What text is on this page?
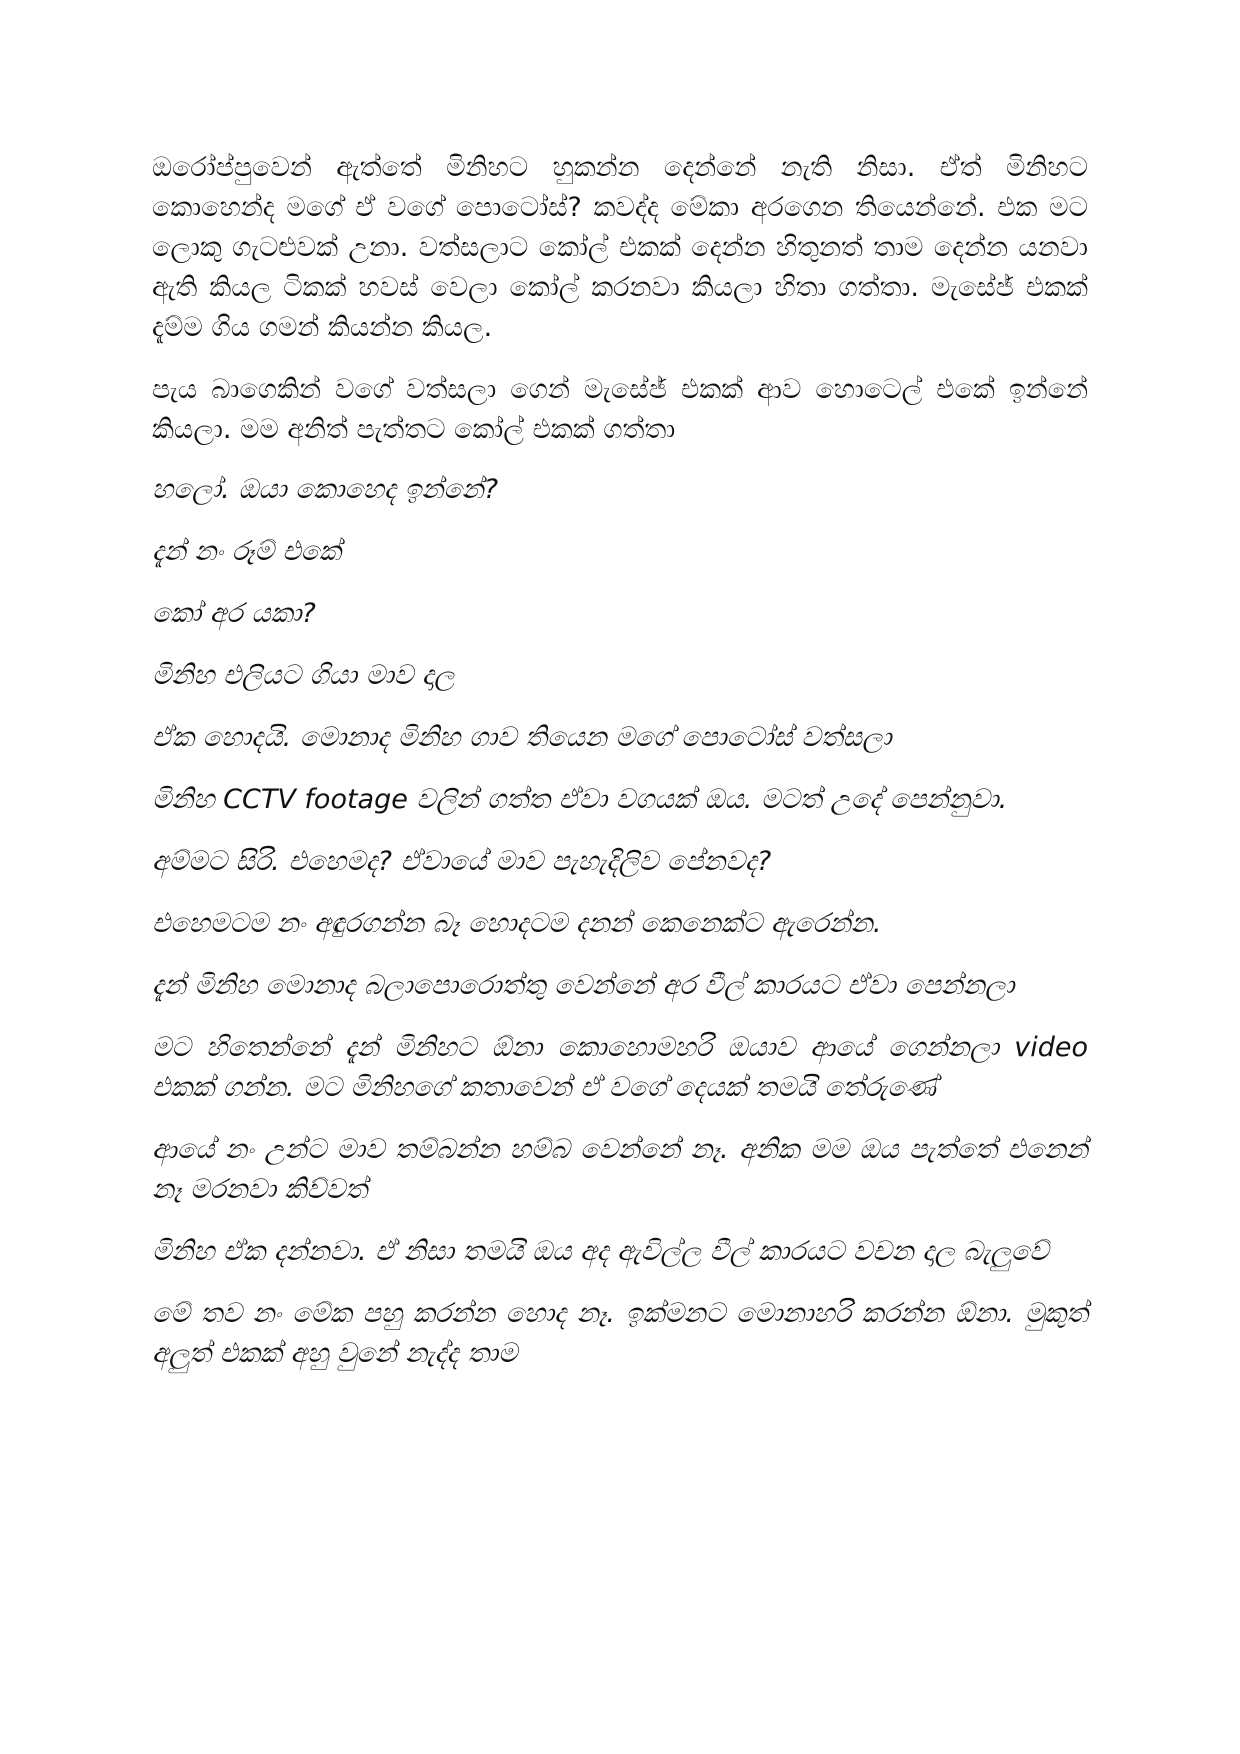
ඔරෝප්පුවෙන් ඇත්තේ මිනිහට හුකන්න දෙන්නේ නැති නිසා. ඒත් මිනිහට කොහෙන්ද මගේ ඒ වගේ පොටෝස්? කවද්ද මේකා අරගෙන තියෙන්නේ. එක මට ලොකු ගැටළුවක් උනා. වත්සලාට කෝල් එකක් දෙන්න හිතුනත් තාම දෙන්න යනවා ඇති කියල ටිකක් හවස් වෙලා කෝල් කරනවා කියලා හිතා ගත්තා. මැසේජ් එකක් දැම්ම ගිය ගමන් කියන්න කියල.

පැය බාගෙකින් වගේ වත්සලා ගෙන් මැසේජ් එකක් ආව හොටෙල් එකේ ඉන්නේ කියලා. මම අනිත් පැත්තට කෝල් එකක් ගත්තා

හලෝ. ඔයා කොහෙද ඉන්නේ?

දැන් නං රූම් එකේ

කෝ අර යකා?

මිනිහ එලියට ගියා මාව දාල

ඒක හොදයි. මොනාද මිනිහ ගාව තියෙන මගේ පොටෝස් වත්සලා

මිනිහ CCTV footage වලින් ගත්ත ඒවා වගයක් ඔය. මටත් උදේ පෙන්නුවා.

අම්මට සිරි. එහෙමද? ඒවායේ මාව පැහැදිලිව පේනවද?

එහෙමටම නං අඳුරගන්න බෑ හොදටම දනන් කෙනෙක්ට ඇරෙන්න.

දැන් මිනිහ මොනාද බලාපොරොත්තු වෙන්නේ අර වීල් කාරයට ඒවා පෙන්නලා

මට හිතෙන්නේ දැන් මිනිහට ඕනා කොහොමහරි ඔයාව ආයේ ගෙන්නලා video එකක් ගන්න. මට මිනිහගේ කතාවෙන් ඒ වගේ දෙයක් තමයි තේරුණේ

ආයේ නං උන්ට මාව තම්බන්න හම්බ වෙන්නේ නෑ. අනික මම ඔය පැත්තේ එනෙන් නෑ මරනවා කිව්වත්

මිනිහ ඒක දන්නවා. ඒ නිසා තමයි ඔය අද ඇවිල්ල වීල් කාරයට වචන දාල බැලුවේ

මේ තව නං මේක පහු කරන්න හොද නෑ. ඉක්මනට මොනාහරි කරන්න ඕනා. මුකුත් අලුත් එකක් අහු වුනේ නැද්ද තාම
